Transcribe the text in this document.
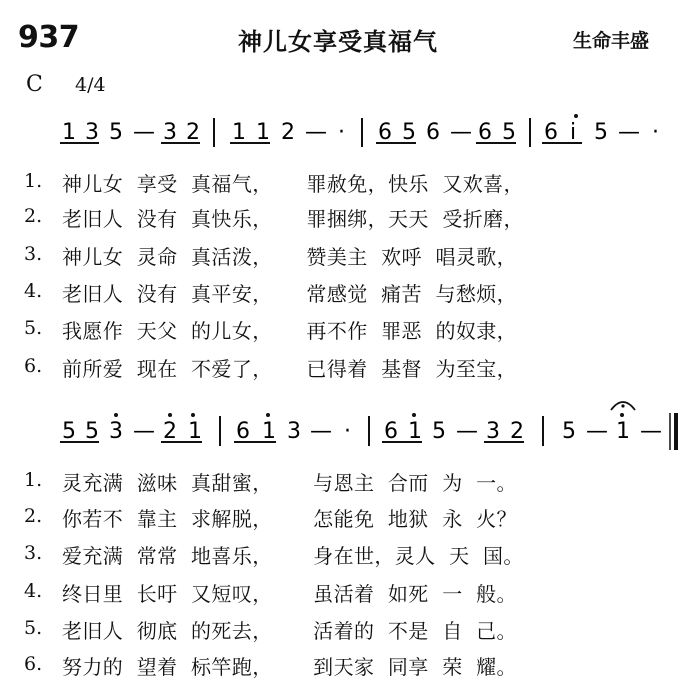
937	神儿女享受真福气	生命丰盛
C 4/4
1 3 5 — 3 2 1 1 2 — · 6 5 6 — 6 5 6 i 5 — ·
5 5 3 — 2 1 6 1 3 — · 6 1 5 — 3 2 5 — 1 —
1. 神儿女  享受  真福气，     罪赦免，快乐  又欢喜，
2. 老旧人  没有  真快乐，     罪捆绑，天天  受折磨，
3. 神儿女  灵命  真活泼，     赞美主  欢呼  唱灵歌，
4. 老旧人  没有  真平安，     常感觉  痛苦  与愁烦，
5. 我愿作  天父  的儿女，     再不作  罪恶  的奴隶，
6. 前所爱  现在  不爱了，     已得着  基督  为至宝，
1. 灵充满  滋味  真甜蜜，      与恩主  合而  为  一。
2. 你若不  靠主  求解脱，      怎能免  地狱  永  火？
3. 爱充满  常常  地喜乐，      身在世，灵人  天  国。
4. 终日里  长吁  又短叹，      虽活着  如死  一  般。
5. 老旧人  彻底  的死去，      活着的  不是  自  己。
6. 努力的  望着  标竿跑，      到天家  同享  荣  耀。
